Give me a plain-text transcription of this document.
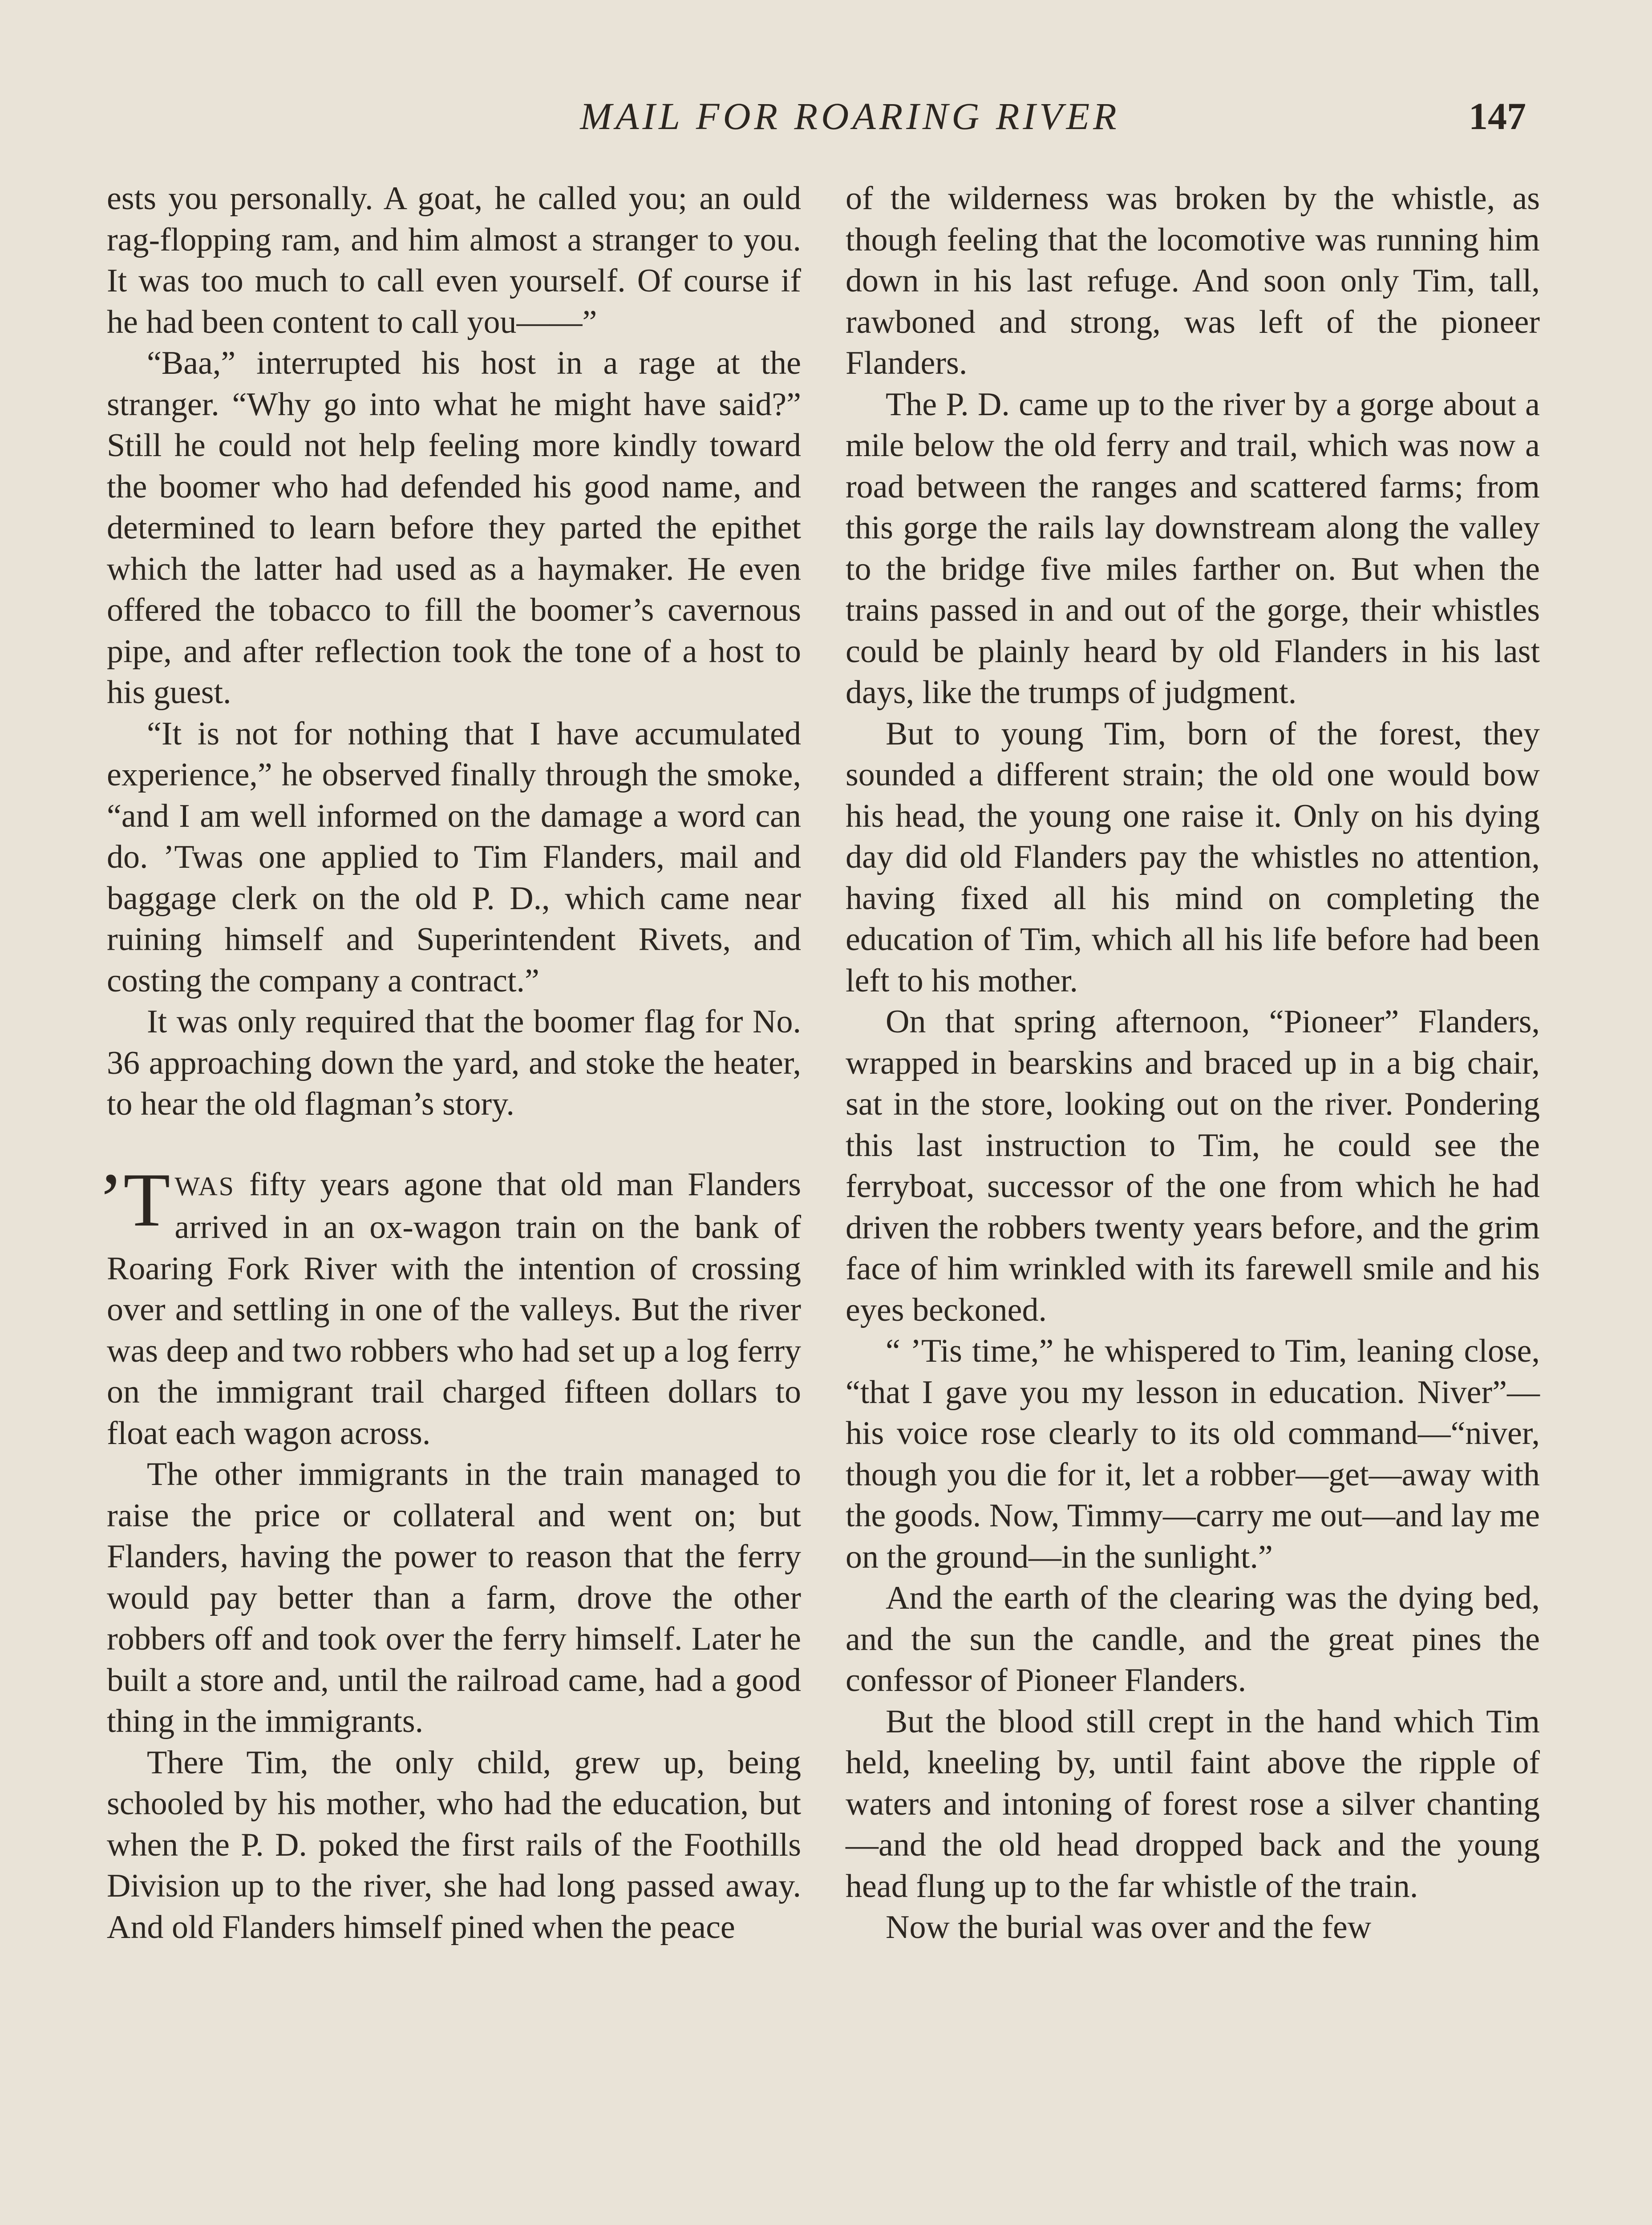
MAIL FOR ROARING RIVER	147

ests you personally. A goat, he called you; an ould rag-flopping ram, and him almost a stranger to you. It was too much to call even yourself. Of course if he had been content to call you——”

“Baa,” interrupted his host in a rage at the stranger. “Why go into what he might have said?” Still he could not help feeling more kindly toward the boomer who had defended his good name, and determined to learn before they parted the epithet which the latter had used as a haymaker. He even offered the tobacco to fill the boomer’s cavernous pipe, and after reflection took the tone of a host to his guest.

“It is not for nothing that I have accumulated experience,” he observed finally through the smoke, “and I am well informed on the damage a word can do. ’Twas one applied to Tim Flanders, mail and baggage clerk on the old P. D., which came near ruining himself and Superintendent Rivets, and costing the company a contract.”

It was only required that the boomer flag for No. 36 approaching down the yard, and stoke the heater, to hear the old flagman’s story.

’T WAS fifty years agone that old man Flanders arrived in an ox-wagon train on the bank of Roaring Fork River with the intention of crossing over and settling in one of the valleys. But the river was deep and two robbers who had set up a log ferry on the immigrant trail charged fifteen dollars to float each wagon across.

The other immigrants in the train managed to raise the price or collateral and went on; but Flanders, having the power to reason that the ferry would pay better than a farm, drove the other robbers off and took over the ferry himself. Later he built a store and, until the railroad came, had a good thing in the immigrants.

There Tim, the only child, grew up, being schooled by his mother, who had the education, but when the P. D. poked the first rails of the Foothills Division up to the river, she had long passed away. And old Flanders himself pined when the peace

of the wilderness was broken by the whistle, as though feeling that the locomotive was running him down in his last refuge. And soon only Tim, tall, rawboned and strong, was left of the pioneer Flanders.

The P. D. came up to the river by a gorge about a mile below the old ferry and trail, which was now a road between the ranges and scattered farms; from this gorge the rails lay downstream along the valley to the bridge five miles farther on. But when the trains passed in and out of the gorge, their whistles could be plainly heard by old Flanders in his last days, like the trumps of judgment.

But to young Tim, born of the forest, they sounded a different strain; the old one would bow his head, the young one raise it. Only on his dying day did old Flanders pay the whistles no attention, having fixed all his mind on completing the education of Tim, which all his life before had been left to his mother.

On that spring afternoon, “Pioneer” Flanders, wrapped in bearskins and braced up in a big chair, sat in the store, looking out on the river. Pondering this last instruction to Tim, he could see the ferryboat, successor of the one from which he had driven the robbers twenty years before, and the grim face of him wrinkled with its farewell smile and his eyes beckoned.

“ ’Tis time,” he whispered to Tim, leaning close, “that I gave you my lesson in education. Niver”—his voice rose clearly to its old command—“niver, though you die for it, let a robber—get—away with the goods. Now, Timmy—carry me out—and lay me on the ground—in the sunlight.”

And the earth of the clearing was the dying bed, and the sun the candle, and the great pines the confessor of Pioneer Flanders.

But the blood still crept in the hand which Tim held, kneeling by, until faint above the ripple of waters and intoning of forest rose a silver chanting—and the old head dropped back and the young head flung up to the far whistle of the train.

Now the burial was over and the few
